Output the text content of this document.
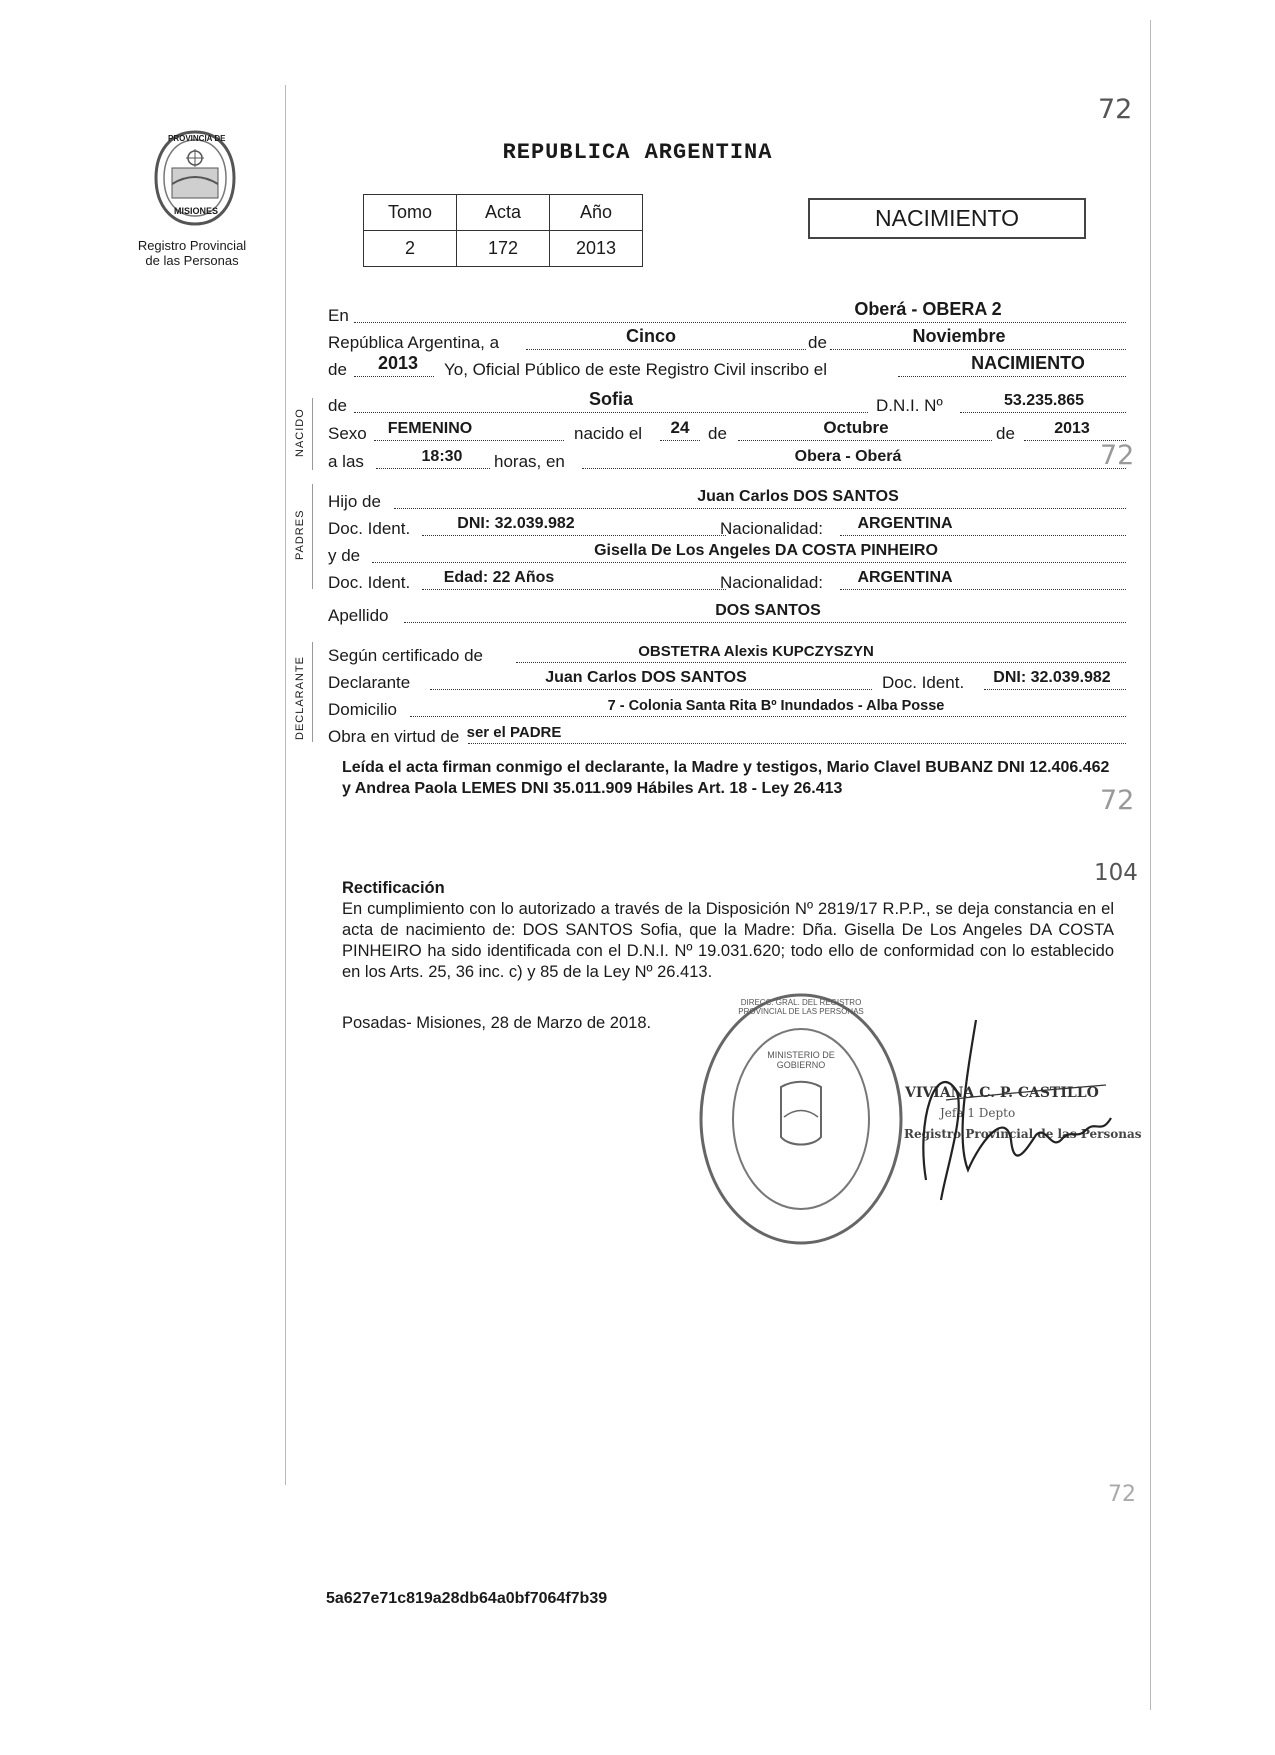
72
72
72
104
72
PROVINCIA DE
MISIONES
Registro Provincial
de las Personas
REPUBLICA ARGENTINA
Tomo	Acta	Año
2	172	2013
NACIMIENTO
NACIDO
PADRES
DECLARANTE
En	Oberá - OBERA 2
República Argentina, a	Cinco	de	Noviembre
de	2013	Yo, Oficial Público de este Registro Civil inscribo el	NACIMIENTO
de	Sofia	D.N.I. Nº	53.235.865
Sexo	FEMENINO	nacido el	24	de	Octubre	de	2013
a las	18:30	horas, en	Obera - Oberá
Hijo de	Juan Carlos DOS SANTOS
Doc. Ident.	DNI: 32.039.982	Nacionalidad:	ARGENTINA
y de	Gisella De Los Angeles DA COSTA PINHEIRO
Doc. Ident.	Edad: 22 Años	Nacionalidad:	ARGENTINA
Apellido	DOS SANTOS
Según certificado de	OBSTETRA Alexis KUPCZYSZYN
Declarante	Juan Carlos DOS SANTOS	Doc. Ident.	DNI: 32.039.982
Domicilio	7 - Colonia Santa Rita Bº Inundados - Alba Posse
Obra en virtud de ser el PADRE
Leída el acta firman conmigo el declarante, la Madre y testigos, Mario Clavel BUBANZ DNI 12.406.462 y Andrea Paola LEMES DNI 35.011.909 Hábiles Art. 18 - Ley 26.413
Rectificación
En cumplimiento con lo autorizado a través de la Disposición Nº 2819/17 R.P.P., se deja constancia en el acta de nacimiento de: DOS SANTOS Sofia, que la Madre: Dña. Gisella De Los Angeles DA COSTA PINHEIRO ha sido identificada con el D.N.I. Nº 19.031.620; todo ello de conformidad con lo establecido en los Arts. 25, 36 inc. c) y 85 de la Ley Nº 26.413.
Posadas- Misiones, 28 de Marzo de 2018.
DIRECC. GRAL. DEL REGISTRO PROVINCIAL DE LAS PERSONAS
MINISTERIO DE GOBIERNO
VIVIANA C. P. CASTILLO
Jefa 1 Depto
Registro Provincial de las Personas
5a627e71c819a28db64a0bf7064f7b39
